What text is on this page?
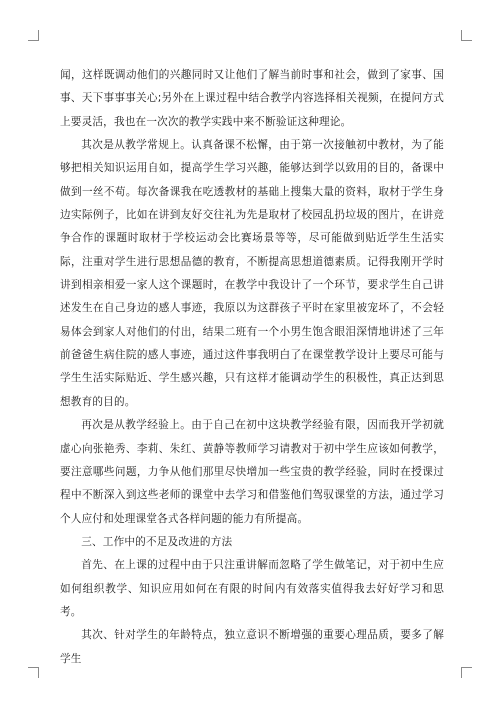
闻，这样既调动他们的兴趣同时又让他们了解当前时事和社会，做到了家事、国事、天下事事事关心;另外在上课过程中结合教学内容选择相关视频，在提问方式上要灵活，我也在一次次的教学实践中来不断验证这种理论。

其次是从教学常规上。认真备课不松懈，由于第一次接触初中教材，为了能够把相关知识运用自如，提高学生学习兴趣，能够达到学以致用的目的，备课中做到一丝不苟。每次备课我在吃透教材的基础上搜集大量的资料，取材于学生身边实际例子，比如在讲到友好交往礼为先是取材了校园乱扔垃圾的图片，在讲竞争合作的课题时取材于学校运动会比赛场景等等，尽可能做到贴近学生生活实际，注重对学生进行思想品德的教育，不断提高思想道德素质。记得我刚开学时讲到相亲相爱一家人这个课题时，在教学中我设计了一个环节，要求学生自己讲述发生在自己身边的感人事迹，我原以为这群孩子平时在家里被宠坏了，不会轻易体会到家人对他们的付出，结果二班有一个小男生饱含眼泪深情地讲述了三年前爸爸生病住院的感人事迹，通过这件事我明白了在课堂教学设计上要尽可能与学生生活实际贴近、学生感兴趣，只有这样才能调动学生的积极性，真正达到思想教育的目的。

再次是从教学经验上。由于自己在初中这块教学经验有限，因而我开学初就虚心向张艳秀、李莉、朱红、黄静等教师学习请教对于初中学生应该如何教学，要注意哪些问题，力争从他们那里尽快增加一些宝贵的教学经验，同时在授课过程中不断深入到这些老师的课堂中去学习和借鉴他们驾驭课堂的方法，通过学习个人应付和处理课堂各式各样问题的能力有所提高。

三、工作中的不足及改进的方法

首先、在上课的过程中由于只注重讲解而忽略了学生做笔记，对于初中生应如何组织教学、知识应用如何在有限的时间内有效落实值得我去好好学习和思考。

其次、针对学生的年龄特点，独立意识不断增强的重要心理品质，要多了解学生
